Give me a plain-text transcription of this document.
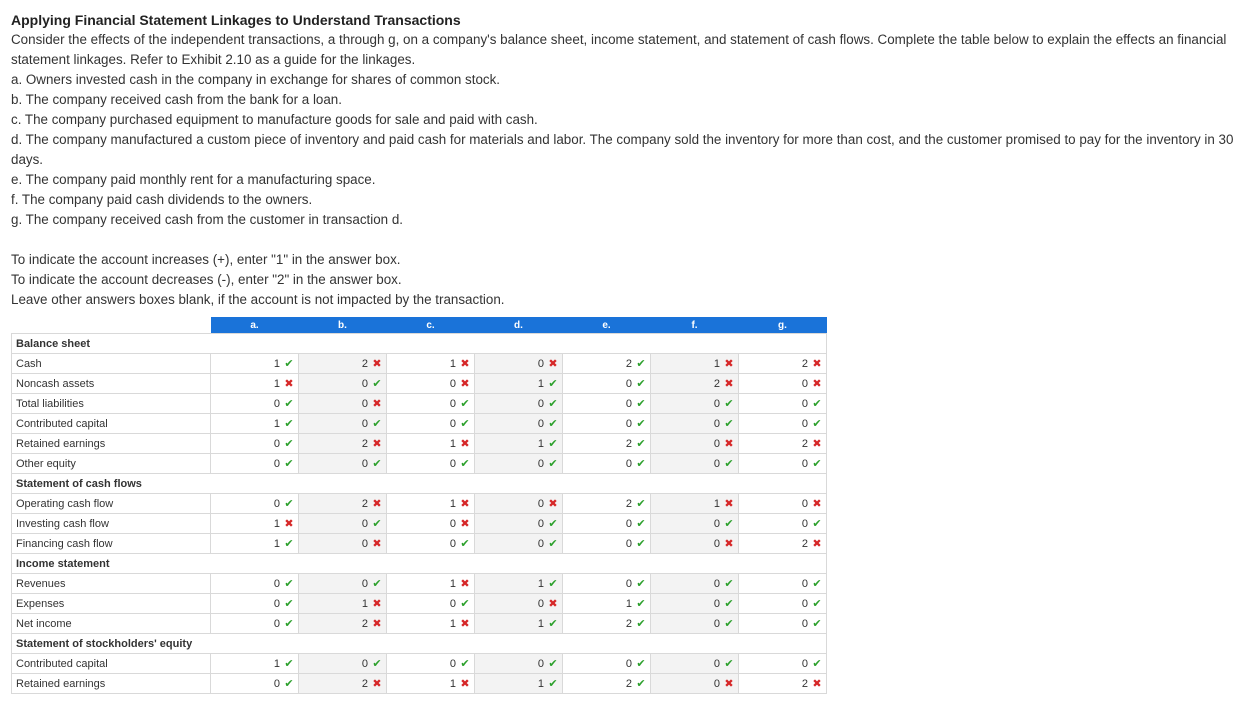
Applying Financial Statement Linkages to Understand Transactions

Consider the effects of the independent transactions, a through g, on a company's balance sheet, income statement, and statement of cash flows. Complete the table below to explain the effects an financial statement linkages. Refer to Exhibit 2.10 as a guide for the linkages.

a. Owners invested cash in the company in exchange for shares of common stock.

b. The company received cash from the bank for a loan.

c. The company purchased equipment to manufacture goods for sale and paid with cash.

d. The company manufactured a custom piece of inventory and paid cash for materials and labor. The company sold the inventory for more than cost, and the customer promised to pay for the inventory in 30 days.

e. The company paid monthly rent for a manufacturing space.

f. The company paid cash dividends to the owners.

g. The company received cash from the customer in transaction d.

To indicate the account increases (+), enter "1" in the answer box.

To indicate the account decreases (-), enter "2" in the answer box.

Leave other answers boxes blank, if the account is not impacted by the transaction.

	a.	b.	c.	d.	e.	f.	g.
Balance sheet							
Cash	1 ✔	2 ✖	1 ✖	0 ✖	2 ✔	1 ✖	2 ✖
Noncash assets	1 ✖	0 ✔	0 ✖	1 ✔	0 ✔	2 ✖	0 ✖
Total liabilities	0 ✔	0 ✖	0 ✔	0 ✔	0 ✔	0 ✔	0 ✔
Contributed capital	1 ✔	0 ✔	0 ✔	0 ✔	0 ✔	0 ✔	0 ✔
Retained earnings	0 ✔	2 ✖	1 ✖	1 ✔	2 ✔	0 ✖	2 ✖
Other equity	0 ✔	0 ✔	0 ✔	0 ✔	0 ✔	0 ✔	0 ✔
Statement of cash flows							
Operating cash flow	0 ✔	2 ✖	1 ✖	0 ✖	2 ✔	1 ✖	0 ✖
Investing cash flow	1 ✖	0 ✔	0 ✖	0 ✔	0 ✔	0 ✔	0 ✔
Financing cash flow	1 ✔	0 ✖	0 ✔	0 ✔	0 ✔	0 ✖	2 ✖
Income statement							
Revenues	0 ✔	0 ✔	1 ✖	1 ✔	0 ✔	0 ✔	0 ✔
Expenses	0 ✔	1 ✖	0 ✔	0 ✖	1 ✔	0 ✔	0 ✔
Net income	0 ✔	2 ✖	1 ✖	1 ✔	2 ✔	0 ✔	0 ✔
Statement of stockholders' equity							
Contributed capital	1 ✔	0 ✔	0 ✔	0 ✔	0 ✔	0 ✔	0 ✔
Retained earnings	0 ✔	2 ✖	1 ✖	1 ✔	2 ✔	0 ✖	2 ✖
